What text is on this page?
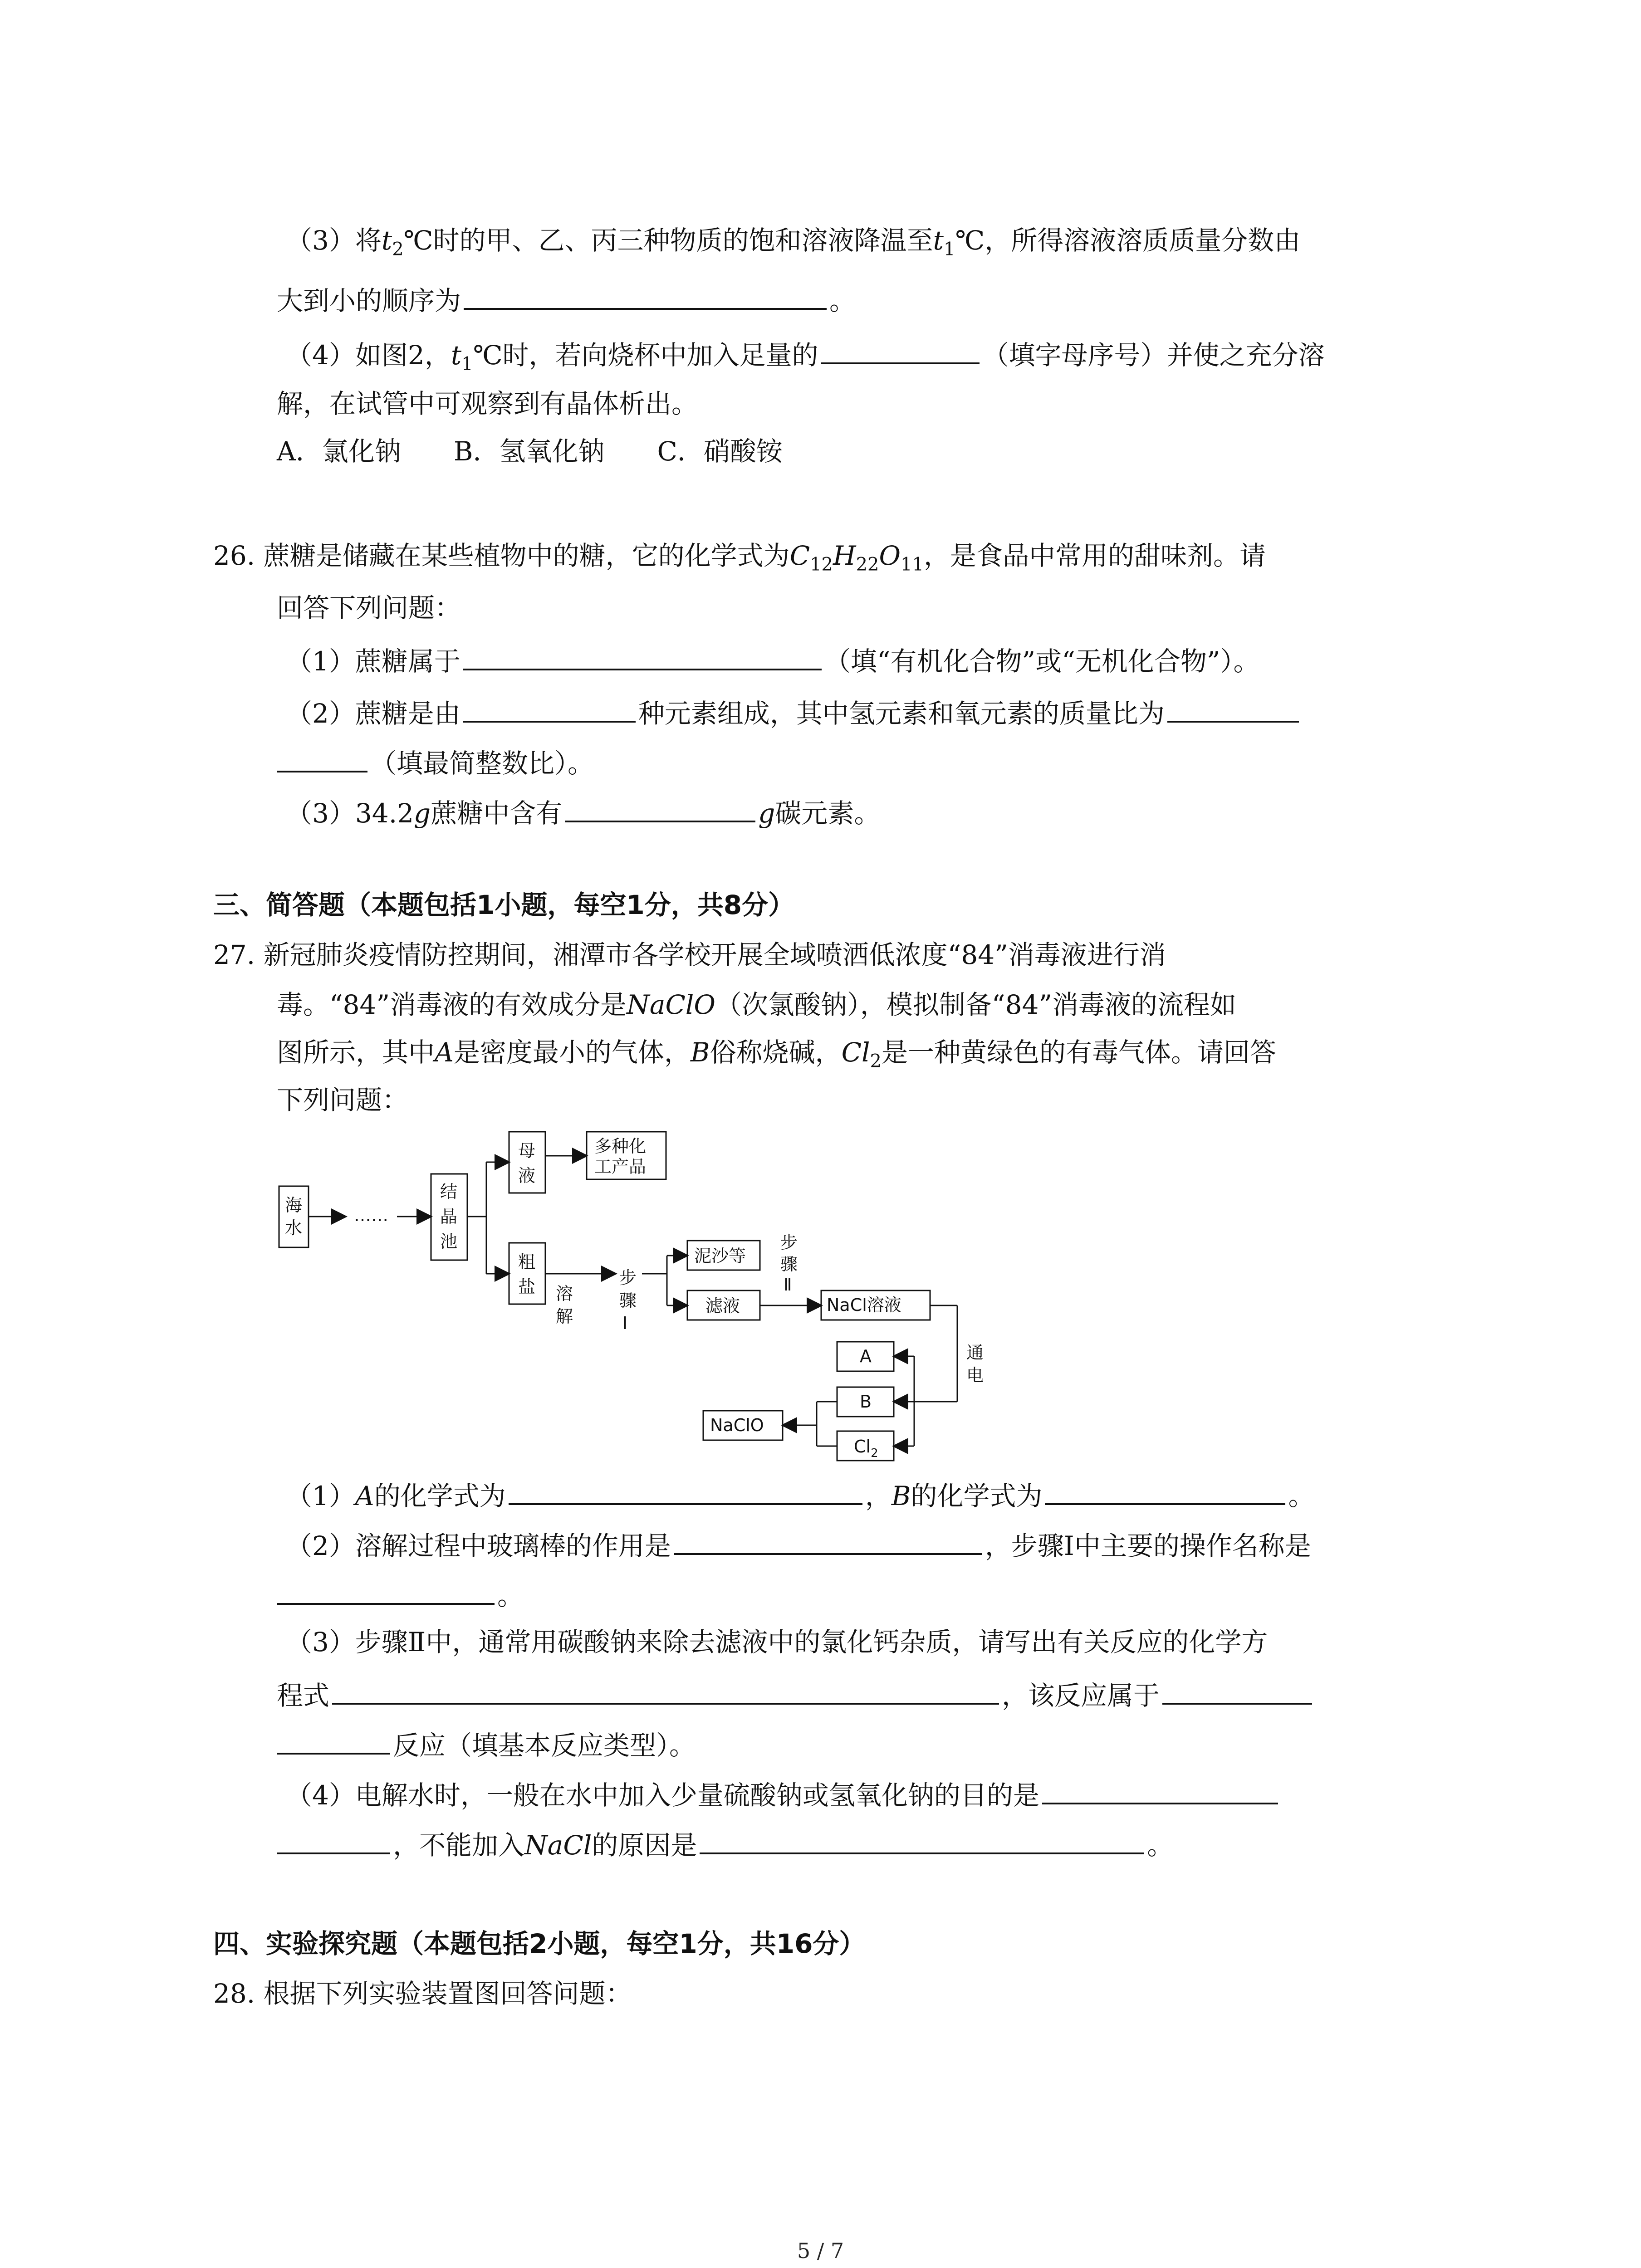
（3）将$t_2℃$时的甲、乙、丙三种物质的饱和溶液降温至$t_1℃$，所得溶液溶质质量分数由
大到小的顺序为	。
（4）如图2，$t_1℃$时，若向烧杯中加入足量的	（填字母序号）并使之充分溶
解，在试管中可观察到有晶体析出。
A．氯化钠　　B．氢氧化钠　　C．硝酸铵
26. 蔗糖是储藏在某些植物中的糖，它的化学式为$C_{12}H_{22}O_{11}$，是食品中常用的甜味剂。请
回答下列问题：
（1）蔗糖属于	（填“有机化合物”或“无机化合物”）。
（2）蔗糖是由	种元素组成，其中氢元素和氧元素的质量比为
（填最简整数比）。
（3）34.2g蔗糖中含有	g碳元素。
三、简答题（本题包括1小题，每空1分，共8分）
27. 新冠肺炎疫情防控期间，湘潭市各学校开展全域喷洒低浓度“84”消毒液进行消
毒。“84”消毒液的有效成分是NaClO（次氯酸钠），模拟制备“84”消毒液的流程如
图所示，其中A是密度最小的气体，B俗称烧碱，$Cl_2$是一种黄绿色的有毒气体。请回答
下列问题：
海
水
……
结
晶
池
母
液
多种化
工产品
粗
盐 溶
解
步
骤
Ⅰ
泥沙等
滤液
步
骤
Ⅱ
NaCl溶液
通
电
A
B
$Cl_2$
NaClO
（1）A的化学式为	，B的化学式为	。
（2）溶解过程中玻璃棒的作用是	，步骤Ⅰ中主要的操作名称是
。
（3）步骤Ⅱ中，通常用碳酸钠来除去滤液中的氯化钙杂质，请写出有关反应的化学方
程式	，该反应属于
反应（填基本反应类型）。
（4）电解水时，一般在水中加入少量硫酸钠或氢氧化钠的目的是
，不能加入NaCl的原因是	。
四、实验探究题（本题包括2小题，每空1分，共16分）
28. 根据下列实验装置图回答问题：
5 / 7
